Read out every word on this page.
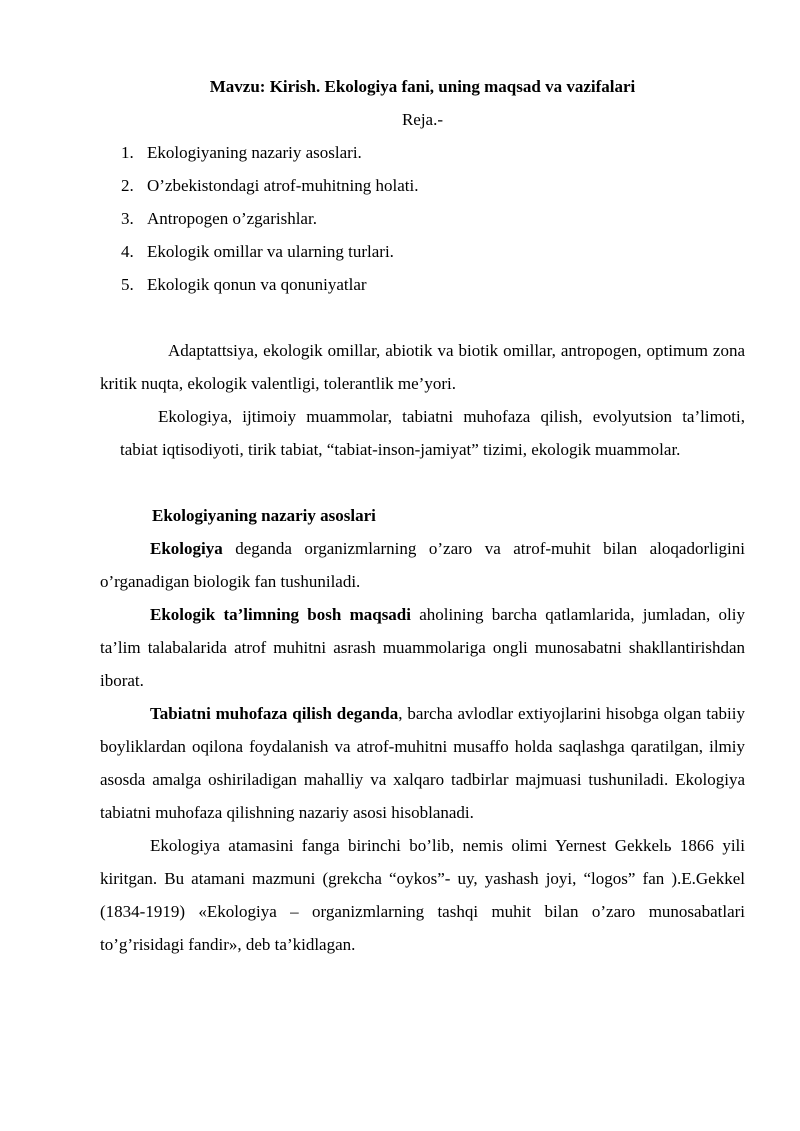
Mavzu: Kirish. Ekologiya fani, uning maqsad va vazifalari
Reja.-
1. Ekologiyaning nazariy asoslari.
2. O’zbekistondagi atrof-muhitning holati.
3. Antropogen o’zgarishlar.
4. Ekologik omillar va ularning turlari.
5. Ekologik qonun va qonuniyatlar

Adaptattsiya, ekologik omillar, abiotik va biotik omillar, antropogen, optimum zona kritik nuqta, ekologik valentligi, tolerantlik me’yori.

Ekologiya, ijtimoiy muammolar, tabiatni muhofaza qilish, evolyutsion ta’limoti, tabiat iqtisodiyoti, tirik tabiat, “tabiat-inson-jamiyat” tizimi, ekologik muammolar.

Ekologiyaning nazariy asoslari

Ekologiya deganda organizmlarning o’zaro va atrof-muhit bilan aloqadorligini o’rganadigan biologik fan tushuniladi.

Ekologik ta’limning bosh maqsadi aholining barcha qatlamlarida, jumladan, oliy ta’lim talabalarida atrof muhitni asrash muammolariga ongli munosabatni shakllantirishdan iborat.

Tabiatni muhofaza qilish deganda, barcha avlodlar extiyojlarini hisobga olgan tabiiy boyliklardan oqilona foydalanish va atrof-muhitni musaffo holda saqlashga qaratilgan, ilmiy asosda amalga oshiriladigan mahalliy va xalqaro tadbirlar majmuasi tushuniladi. Ekologiya tabiatni muhofaza qilishning nazariy asosi hisoblanadi.

Ekologiya atamasini fanga birinchi bo’lib, nemis olimi Yernest Gekkelь 1866 yili kiritgan. Bu atamani mazmuni (grekcha “oykos”- uy, yashash joyi, “logos” fan ).E.Gekkel (1834-1919) «Ekologiya – organizmlarning tashqi muhit bilan o’zaro munosabatlari to’g’risidagi fandir», deb ta’kidlagan.
